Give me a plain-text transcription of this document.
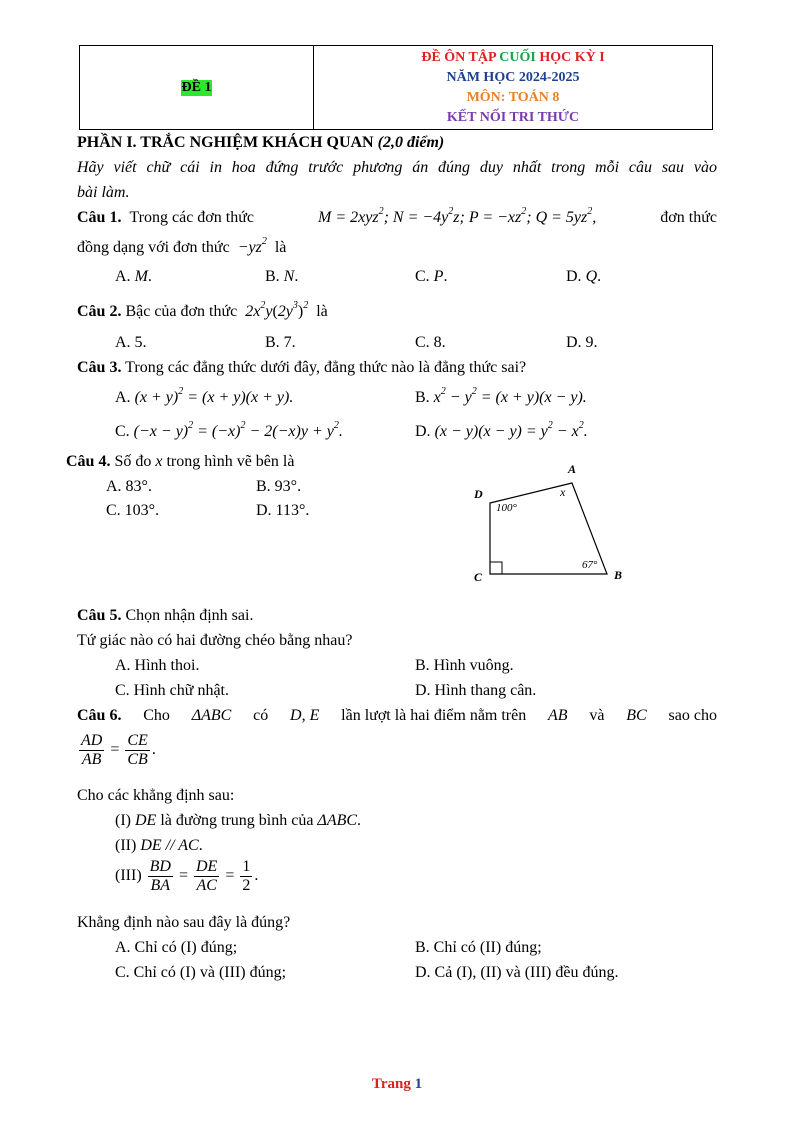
ĐỀ 1
ĐỀ ÔN TẬP CUỐI HỌC KỲ I
NĂM HỌC 2024-2025
MÔN: TOÁN 8
KẾT NỐI TRI THỨC
PHẦN I. TRẮC NGHIỆM KHÁCH QUAN (2,0 điểm)
Hãy viết chữ cái in hoa đứng trước phương án đúng duy nhất trong mỗi câu sau vào
bài làm.
Câu 1. Trong các đơn thức	M = 2xyz$^2$; $N = -4y^2z$; $P = -xz^2$; $Q = 5yz^2$,	đơn thức
đồng dạng với đơn thức $-yz^2$ là
A. M.	B. N.	C. P.	D. Q.
Câu 2. Bậc của đơn thức $2x^2y(2y^3)^2$ là
A. 5.	B. 7.	C. 8.	D. 9.
Câu 3. Trong các đẳng thức dưới đây, đẳng thức nào là đẳng thức sai?
A. $(x + y)^2 = (x + y)(x + y)$.	B. $x^2 - y^2 = (x + y)(x - y)$.
C. $(-x - y)^2 = (-x)^2 - 2(-x)y + y^2$.	D. $(x - y)(x - y) = y^2 - x^2$.
Câu 4. Số đo x trong hình vẽ bên là
A. 83°.	B. 93°.
C. 103°.	D. 113°.
A
B
C
D	x
100°
67°
Câu 5. Chọn nhận định sai.
Tứ giác nào có hai đường chéo bằng nhau?
A. Hình thoi.	B. Hình vuông.
C. Hình chữ nhật.	D. Hình thang cân.
Câu 6. Cho ΔABC có D, E lần lượt là hai điểm nằm trên AB và BC sao cho
$\frac{AD}{AB} = \frac{CE}{CB}$ .
Cho các khẳng định sau:
(I) DE là đường trung bình của ΔABC.
(II) DE // AC.
$(III) \frac{BD}{BA} = \frac{DE}{AC} = \frac{1}{2}$ .
Khẳng định nào sau đây là đúng?
A. Chỉ có (I) đúng;	B. Chỉ có (II) đúng;
C. Chỉ có (I) và (III) đúng;	D. Cả (I), (II) và (III) đều đúng.
Trang 1
